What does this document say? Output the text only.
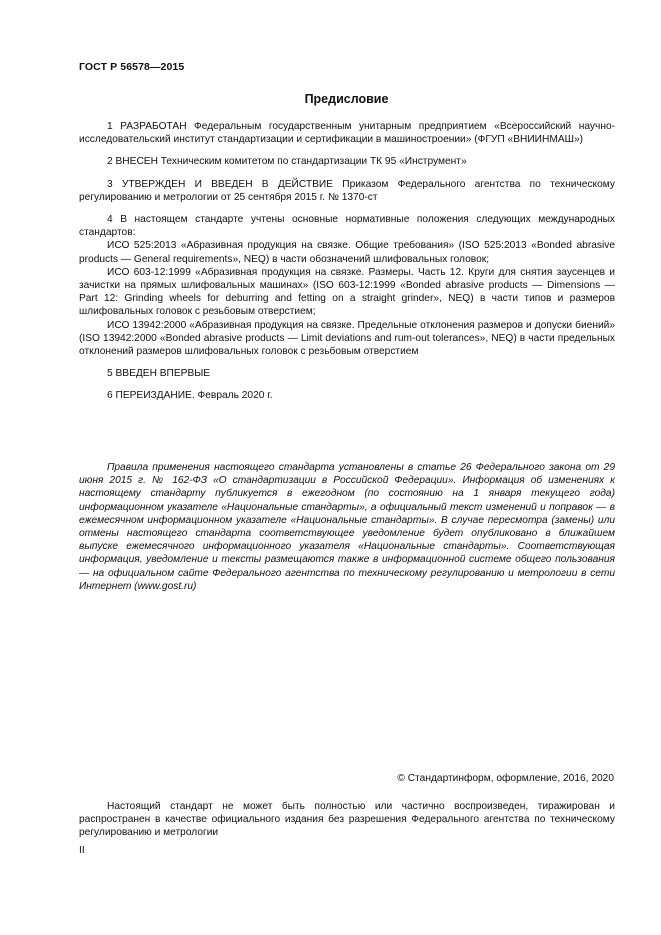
ГОСТ Р 56578—2015
Предисловие

1 РАЗРАБОТАН Федеральным государственным унитарным предприятием «Всероссийский научно-исследовательский институт стандартизации и сертификации в машиностроении» (ФГУП «ВНИИНМАШ»)

2 ВНЕСЕН Техническим комитетом по стандартизации ТК 95 «Инструмент»

3 УТВЕРЖДЕН И ВВЕДЕН В ДЕЙСТВИЕ Приказом Федерального агентства по техническому регулированию и метрологии от 25 сентября 2015 г. № 1370-ст

4 В настоящем стандарте учтены основные нормативные положения следующих международных стандартов:

ИСО 525:2013 «Абразивная продукция на связке. Общие требования» (ISO 525:2013 «Bonded abrasive products — General requirements», NEQ) в части обозначений шлифовальных головок;

ИСО 603-12:1999 «Абразивная продукция на связке. Размеры. Часть 12. Круги для снятия заусенцев и зачистки на прямых шлифовальных машинах» (ISO 603-12:1999 «Bonded abrasive products — Dimensions — Part 12: Grinding wheels for deburring and fetting on a straight grinder», NEQ) в части типов и размеров шлифовальных головок с резьбовым отверстием;

ИСО 13942:2000 «Абразивная продукция на связке. Предельные отклонения размеров и допуски биений» (ISO 13942:2000 «Bonded abrasive products — Limit deviations and rum-out tolerances», NEQ) в части предельных отклонений размеров шлифовальных головок с резьбовым отверстием

5 ВВЕДЕН ВПЕРВЫЕ

6 ПЕРЕИЗДАНИЕ. Февраль 2020 г.

Правила применения настоящего стандарта установлены в статье 26 Федерального закона от 29 июня 2015 г. № 162-ФЗ «О стандартизации в Российской Федерации». Информация об изменениях к настоящему стандарту публикуется в ежегодном (по состоянию на 1 января текущего года) информационном указателе «Национальные стандарты», а официальный текст изменений и поправок — в ежемесячном информационном указателе «Национальные стандарты». В случае пересмотра (замены) или отмены настоящего стандарта соответствующее уведомление будет опубликовано в ближайшем выпуске ежемесячного информационного указателя «Национальные стандарты». Соответствующая информация, уведомление и тексты размещаются также в информационной системе общего пользования — на официальном сайте Федерального агентства по техническому регулированию и метрологии в сети Интернет (www.gost.ru)

© Стандартинформ, оформление, 2016, 2020

Настоящий стандарт не может быть полностью или частично воспроизведен, тиражирован и распространен в качестве официального издания без разрешения Федерального агентства по техническому регулированию и метрологии

II
